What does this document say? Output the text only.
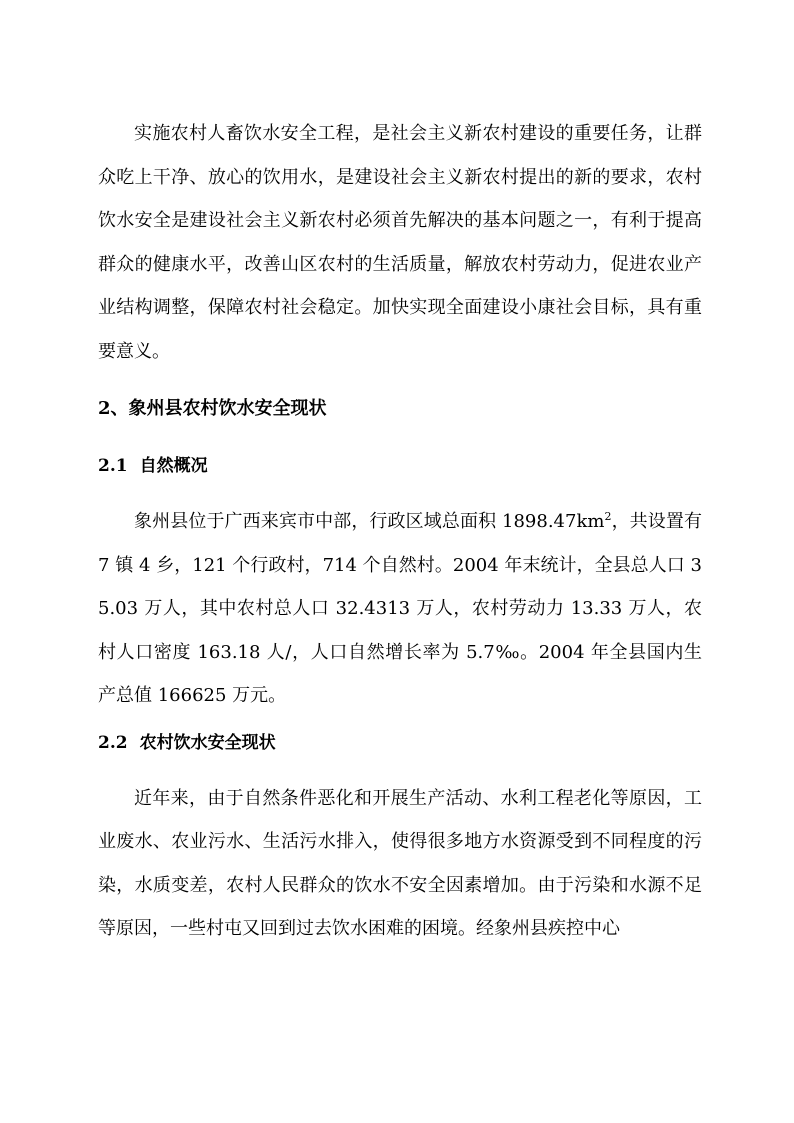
实施农村人畜饮水安全工程，是社会主义新农村建设的重要任务，让群众吃上干净、放心的饮用水，是建设社会主义新农村提出的新的要求，农村饮水安全是建设社会主义新农村必须首先解决的基本问题之一，有利于提高群众的健康水平，改善山区农村的生活质量，解放农村劳动力，促进农业产业结构调整，保障农村社会稳定。加快实现全面建设小康社会目标，具有重要意义。

2、象州县农村饮水安全现状
2.1 自然概况

象州县位于广西来宾市中部，行政区域总面积 $1898.47km^2$，共设置有 7 镇 4 乡，121 个行政村，714 个自然村。2004 年末统计，全县总人口 35.03 万人，其中农村总人口 32.4313 万人，农村劳动力 13.33 万人，农村人口密度 163.18 人/，人口自然增长率为 5.7‰。2004 年全县国内生产总值 166625 万元。

2.2 农村饮水安全现状

近年来，由于自然条件恶化和开展生产活动、水利工程老化等原因，工业废水、农业污水、生活污水排入，使得很多地方水资源受到不同程度的污染，水质变差，农村人民群众的饮水不安全因素增加。由于污染和水源不足等原因，一些村屯又回到过去饮水困难的困境。经象州县疾控中心
